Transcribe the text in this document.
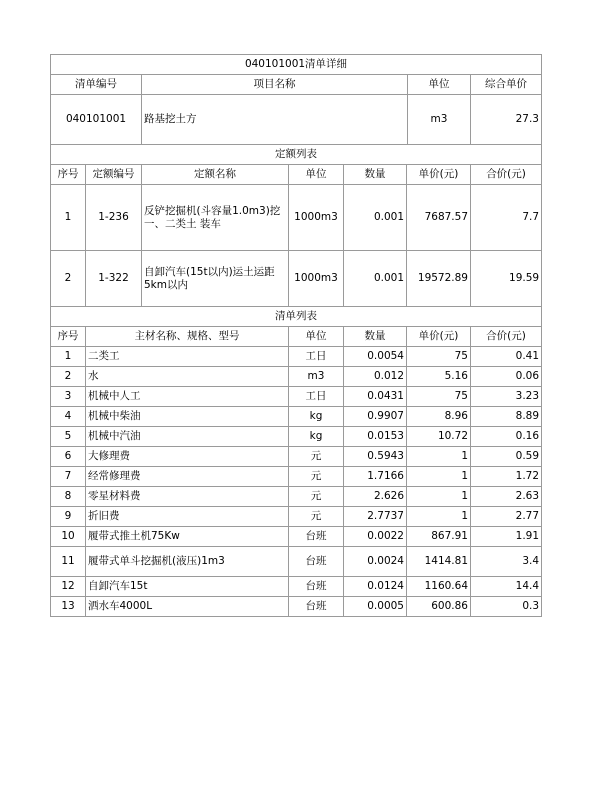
040101001清单详细			
清单编号	项目名称	单位	综合单价
040101001	路基挖土方	m3	27.3
定额列表						
序号	定额编号	定额名称	单位	数量	单价(元)	合价(元)
1	1-236	反铲挖掘机(斗容量1.0m3)挖一、二类土 装车	1000m3	0.001	7687.57	7.7
2	1-322	自卸汽车(15t以内)运土运距5km以内	1000m3	0.001	19572.89	19.59
清单列表					
序号	主材名称、规格、型号	单位	数量	单价(元)	合价(元)
1	二类工	工日	0.0054	75	0.41
2	水	m3	0.012	5.16	0.06
3	机械中人工	工日	0.0431	75	3.23
4	机械中柴油	kg	0.9907	8.96	8.89
5	机械中汽油	kg	0.0153	10.72	0.16
6	大修理费	元	0.5943	1	0.59
7	经常修理费	元	1.7166	1	1.72
8	零星材料费	元	2.626	1	2.63
9	折旧费	元	2.7737	1	2.77
10	履带式推土机75Kw	台班	0.0022	867.91	1.91
11	履带式单斗挖掘机(液压)1m3	台班	0.0024	1414.81	3.4
12	自卸汽车15t	台班	0.0124	1160.64	14.4
13	洒水车4000L	台班	0.0005	600.86	0.3
